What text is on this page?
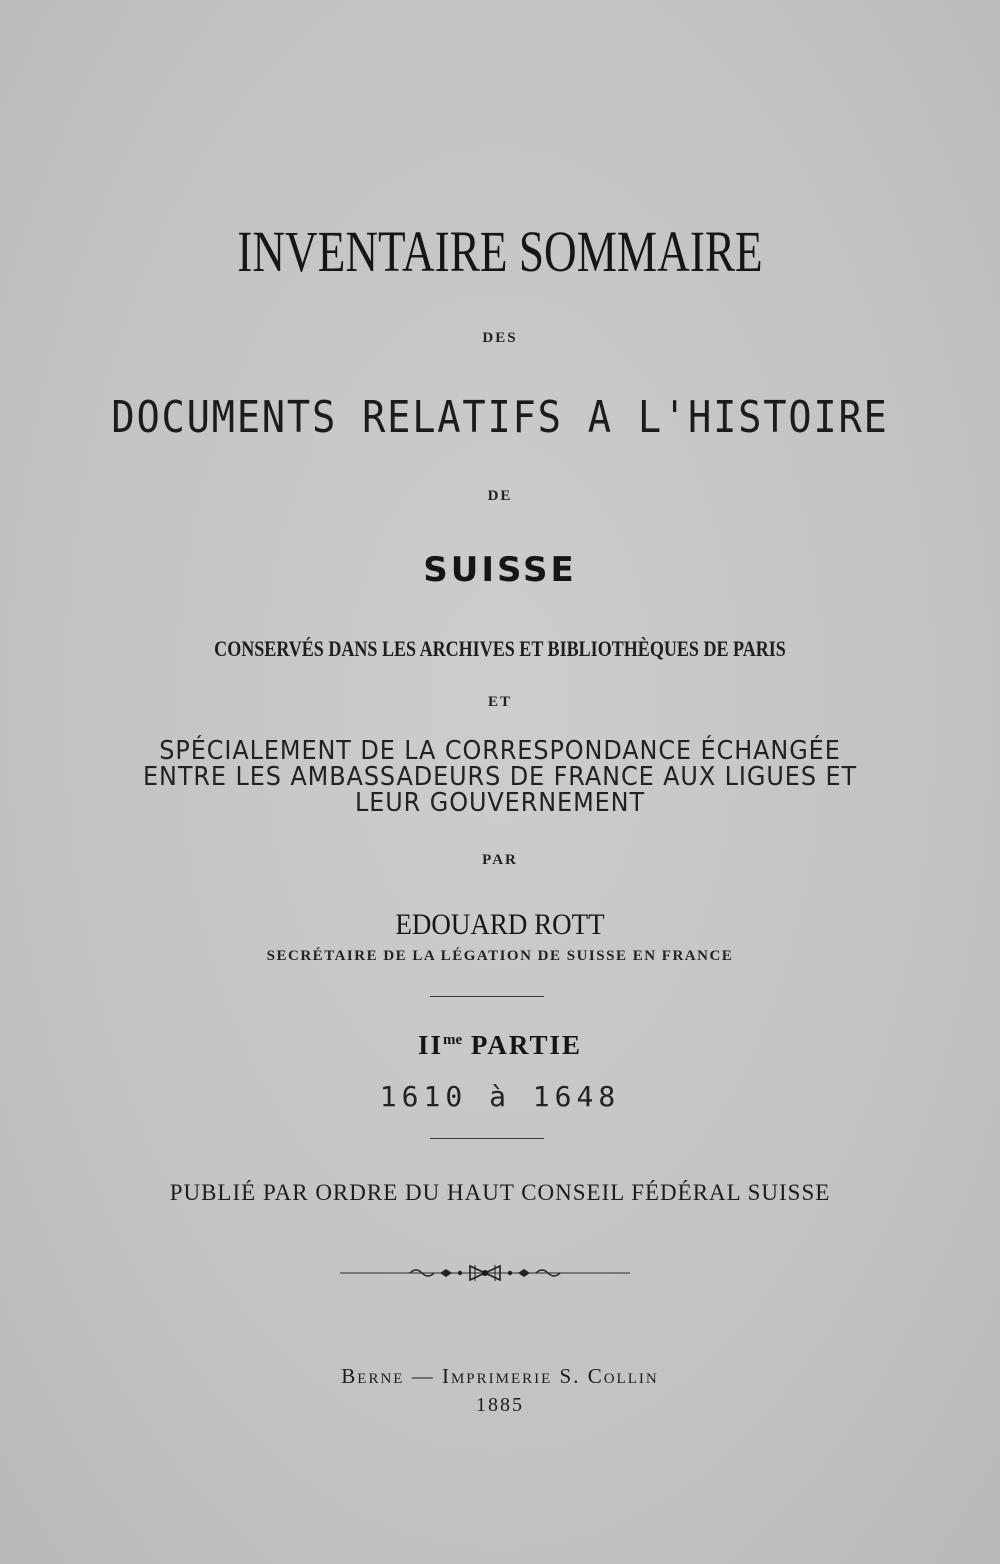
INVENTAIRE SOMMAIRE
DES
DOCUMENTS RELATIFS A L'HISTOIRE
DE
SUISSE
CONSERVÉS DANS LES ARCHIVES ET BIBLIOTHÈQUES DE PARIS
ET
SPÉCIALEMENT DE LA CORRESPONDANCE ÉCHANGÉE
ENTRE LES AMBASSADEURS DE FRANCE AUX LIGUES ET
LEUR GOUVERNEMENT
PAR
EDOUARD ROTT
SECRÉTAIRE DE LA LÉGATION DE SUISSE EN FRANCE
$II^{me}$ PARTIE
1610 à 1648
PUBLIÉ PAR ORDRE DU HAUT CONSEIL FÉDÉRAL SUISSE
Berne — Imprimerie S. Collin
1885
